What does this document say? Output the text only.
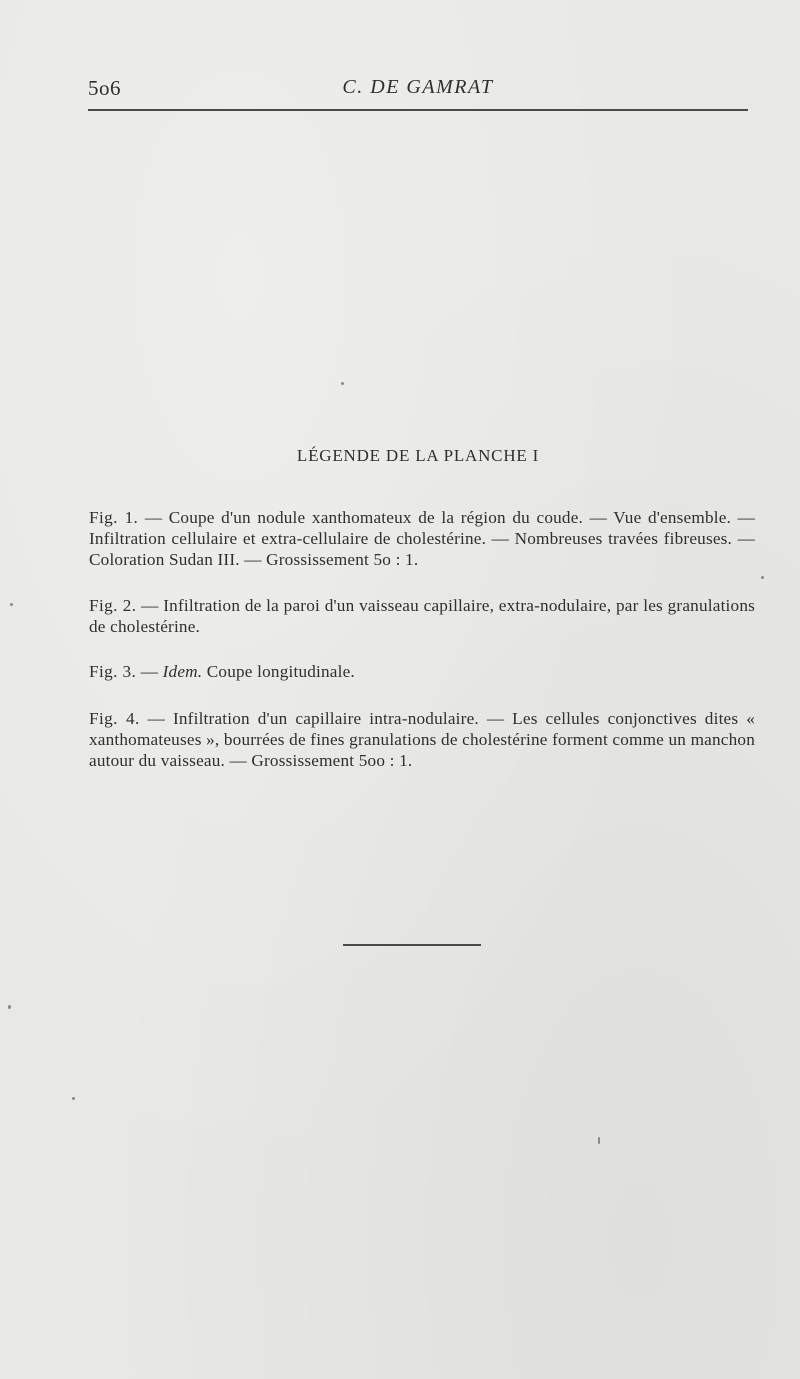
5o6	C. DE GAMRAT
LÉGENDE DE LA PLANCHE I

Fig. 1. — Coupe d'un nodule xanthomateux de la région du coude. — Vue d'ensemble. — Infiltration cellulaire et extra-cellulaire de cholestérine. — Nombreuses travées fibreuses. — Coloration Sudan III. — Grossissement 5o : 1.

Fig. 2. — Infiltration de la paroi d'un vaisseau capillaire, extra-nodulaire, par les granulations de cholestérine.

Fig. 3. — Idem. Coupe longitudinale.

Fig. 4. — Infiltration d'un capillaire intra-nodulaire. — Les cellules conjonctives dites « xanthomateuses », bourrées de fines granulations de cholestérine forment comme un manchon autour du vaisseau. — Grossissement 5oo : 1.
